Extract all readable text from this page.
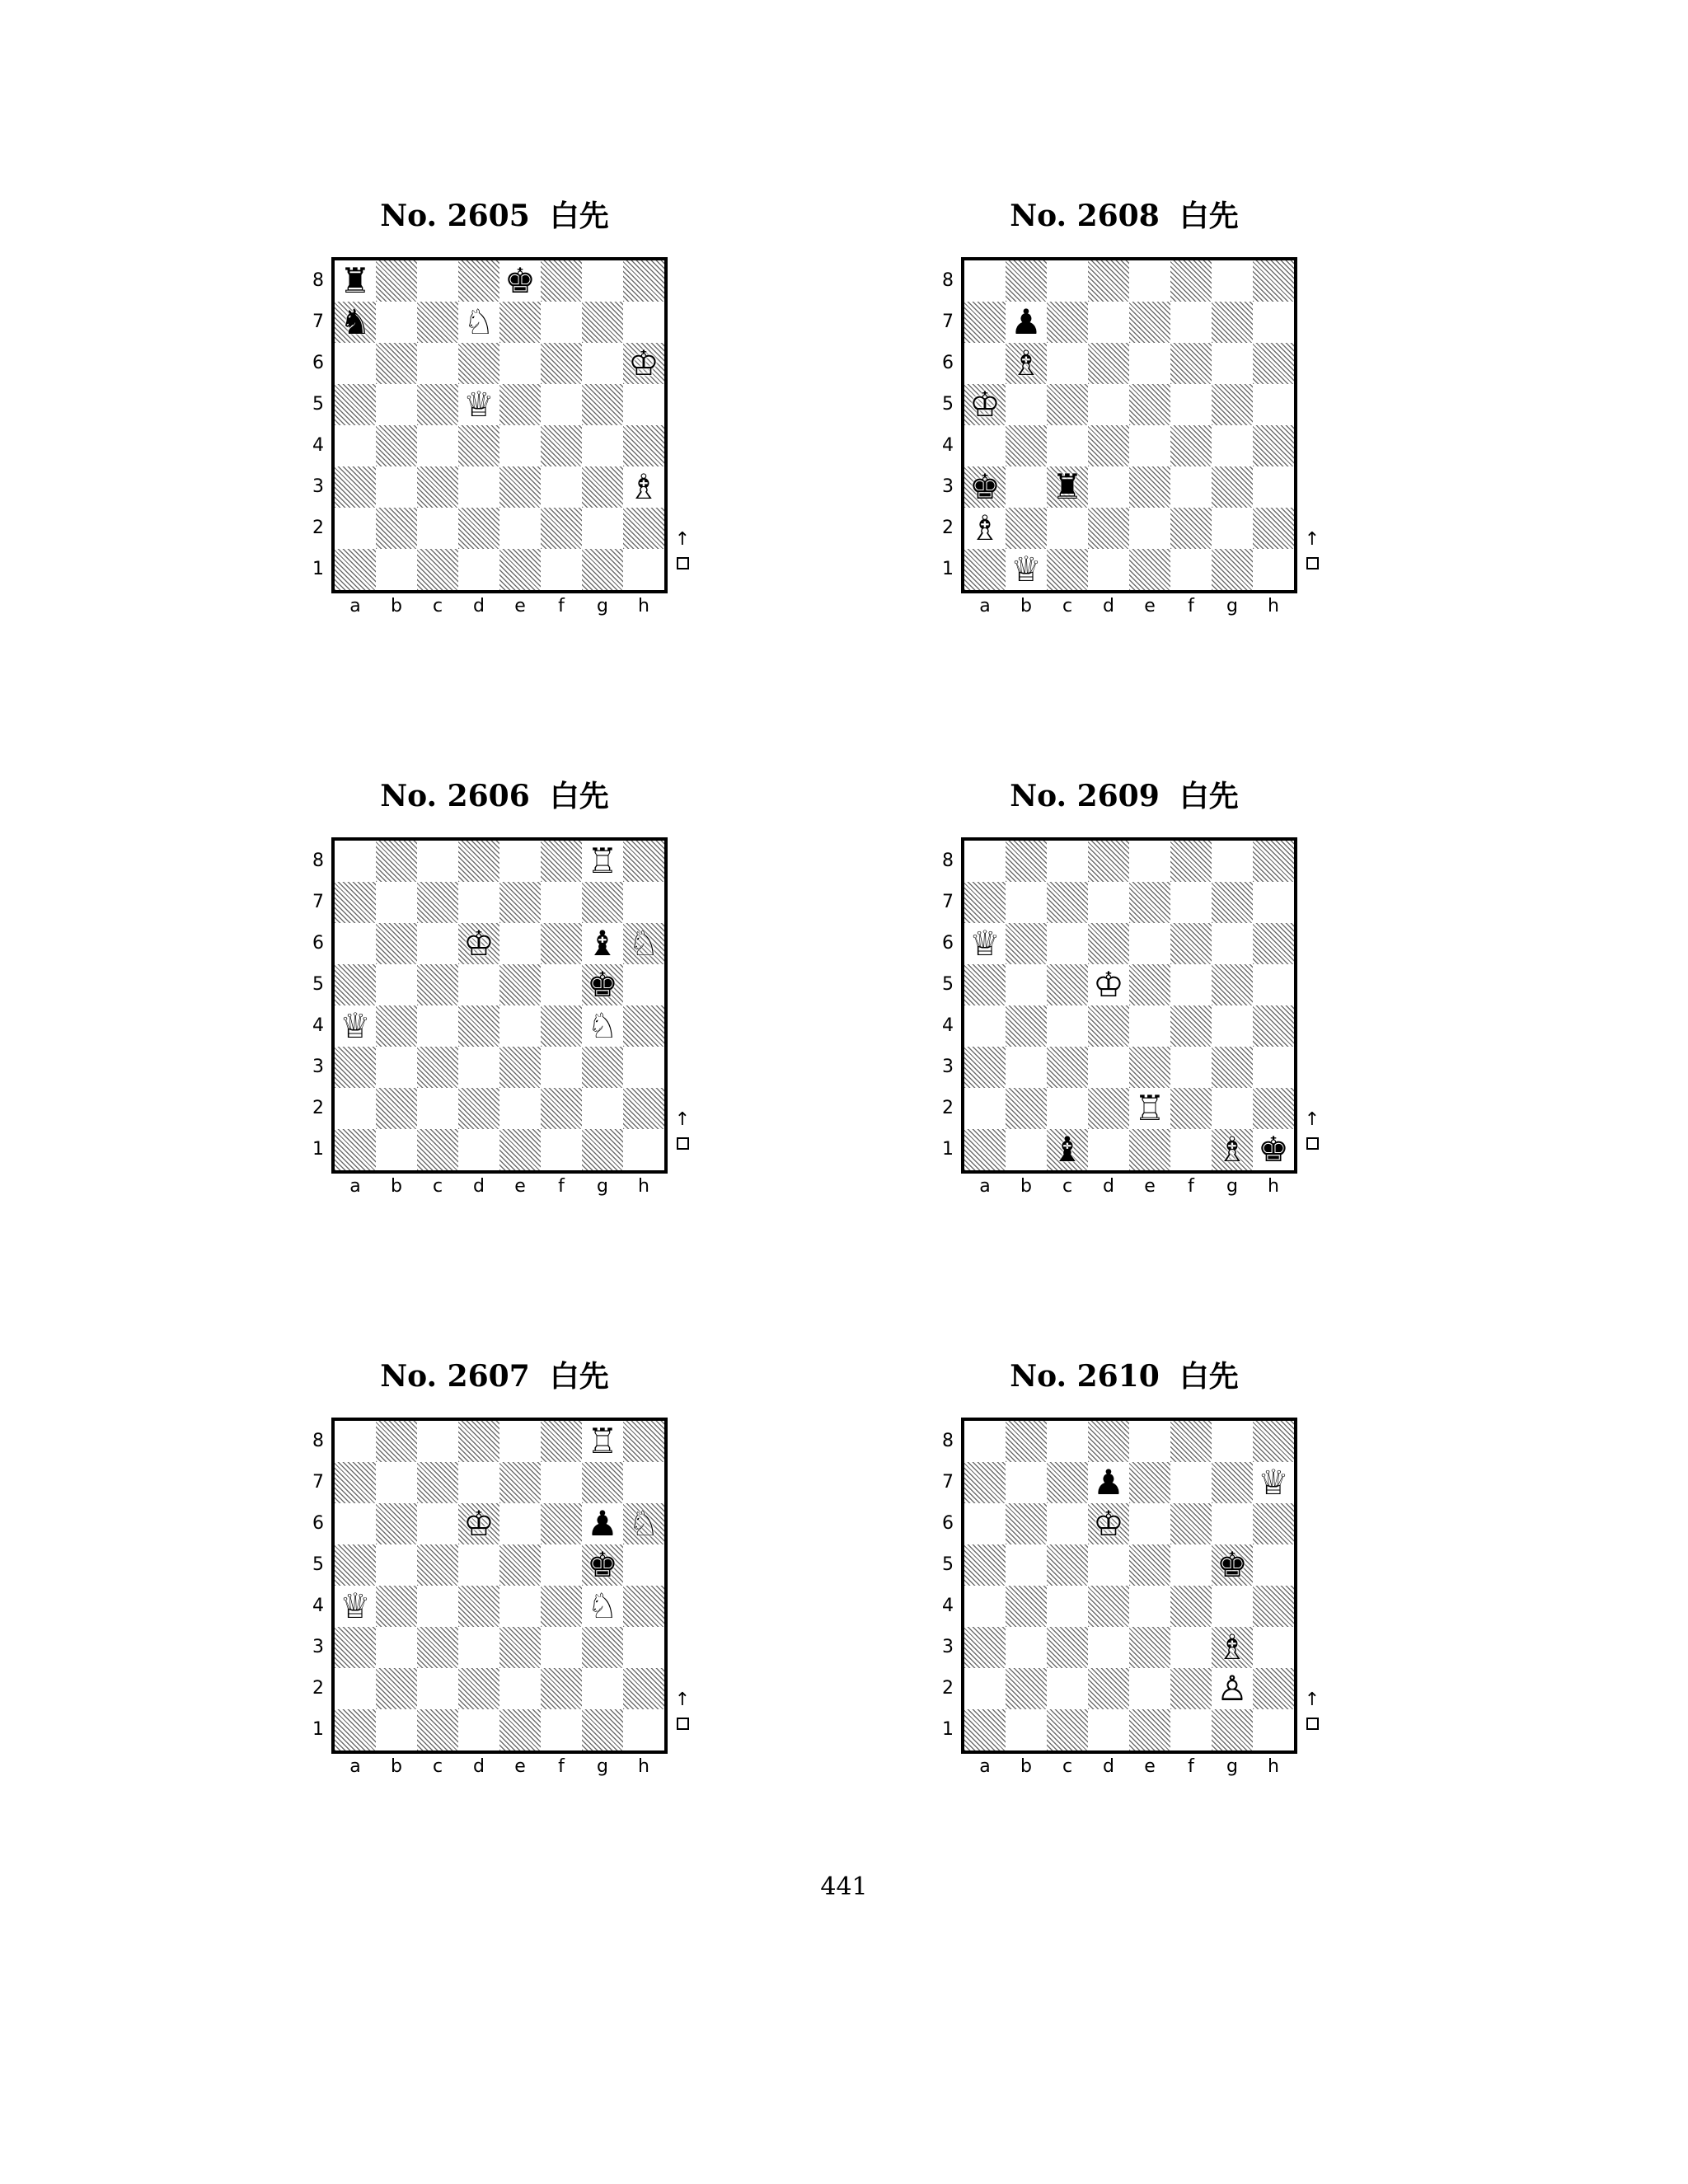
No. 2605 白先
♜	♚
♞	♘
♔
♕
♗
8
7
6
5
4
3
2
1
a	b	c	d	e	f	g	h
↑
No. 2608 白先
♟
♗
♔
♚ ♜
♗
♕
8
7
6
5
4
3
2
1
a	b	c	d	e	f	g	h
↑
No. 2606 白先
♖
♔	♝ ♘
♚
♕	♘
8
7
6
5
4
3
2
1
a	b	c	d	e	f	g	h
↑
No. 2609 白先
♕
♔
♖
♝	♗ ♚
8
7
6
5
4
3
2
1
a	b	c	d	e	f	g	h
↑
No. 2607 白先
♖
♔	♟ ♘
♚
♕	♘
8
7
6
5
4
3
2
1
a	b	c	d	e	f	g	h
↑
No. 2610 白先
♟	♕
♔
♚
♗
♙
8
7
6
5
4
3
2
1
a	b	c	d	e	f	g	h
↑
441
